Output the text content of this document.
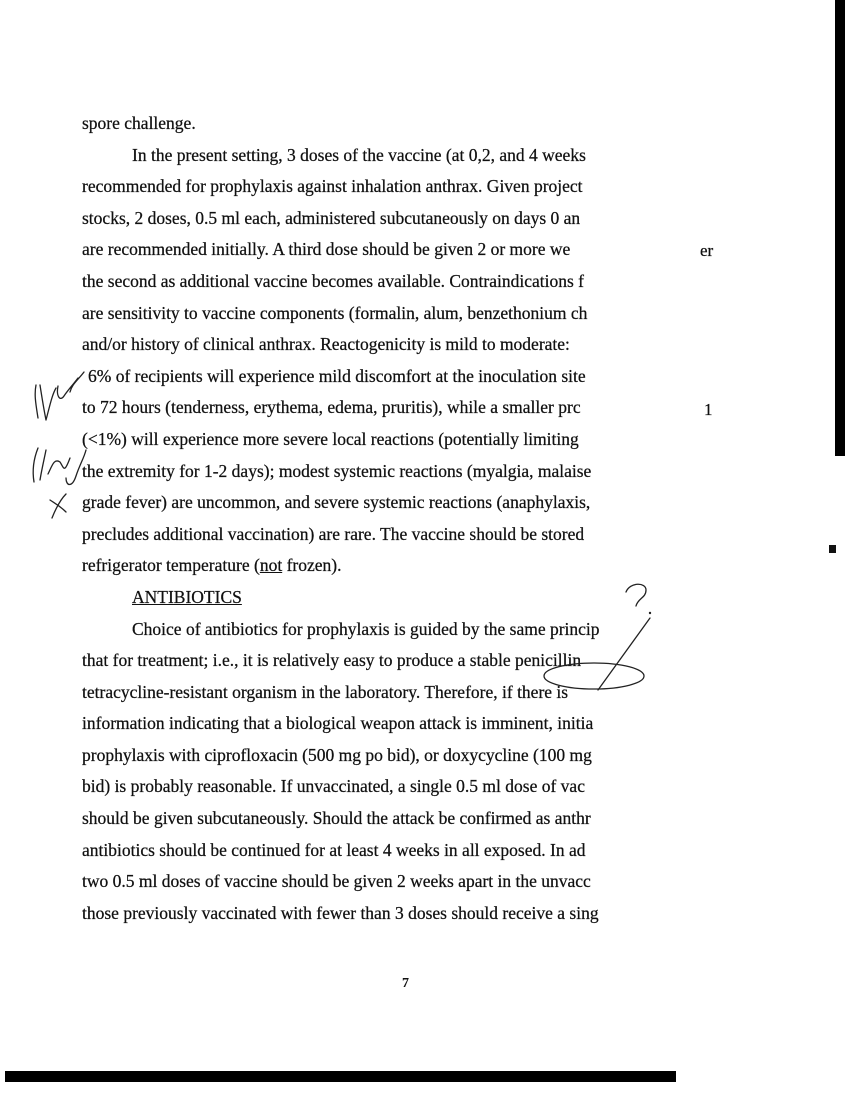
spore challenge.
In the present setting, 3 doses of the vaccine (at 0,2, and 4 weeks
recommended for prophylaxis against inhalation anthrax. Given project
stocks, 2 doses, 0.5 ml each, administered subcutaneously on days 0 an
are recommended initially. A third dose should be given 2 or more we
the second as additional vaccine becomes available. Contraindications f
are sensitivity to vaccine components (formalin, alum, benzethonium ch
and/or history of clinical anthrax. Reactogenicity is mild to moderate:
6% of recipients will experience mild discomfort at the inoculation site
to 72 hours (tenderness, erythema, edema, pruritis), while a smaller prc
(<1%) will experience more severe local reactions (potentially limiting
the extremity for 1-2 days); modest systemic reactions (myalgia, malaise
grade fever) are uncommon, and severe systemic reactions (anaphylaxis,
precludes additional vaccination) are rare. The vaccine should be stored
refrigerator temperature (not frozen).
ANTIBIOTICS
Choice of antibiotics for prophylaxis is guided by the same princip
that for treatment; i.e., it is relatively easy to produce a stable penicillin
tetracycline-resistant organism in the laboratory. Therefore, if there is
information indicating that a biological weapon attack is imminent, initia
prophylaxis with ciprofloxacin (500 mg po bid), or doxycycline (100 mg
bid) is probably reasonable. If unvaccinated, a single 0.5 ml dose of vac
should be given subcutaneously. Should the attack be confirmed as anthr
antibiotics should be continued for at least 4 weeks in all exposed. In ad
two 0.5 ml doses of vaccine should be given 2 weeks apart in the unvacc
those previously vaccinated with fewer than 3 doses should receive a sing
er
1
7
